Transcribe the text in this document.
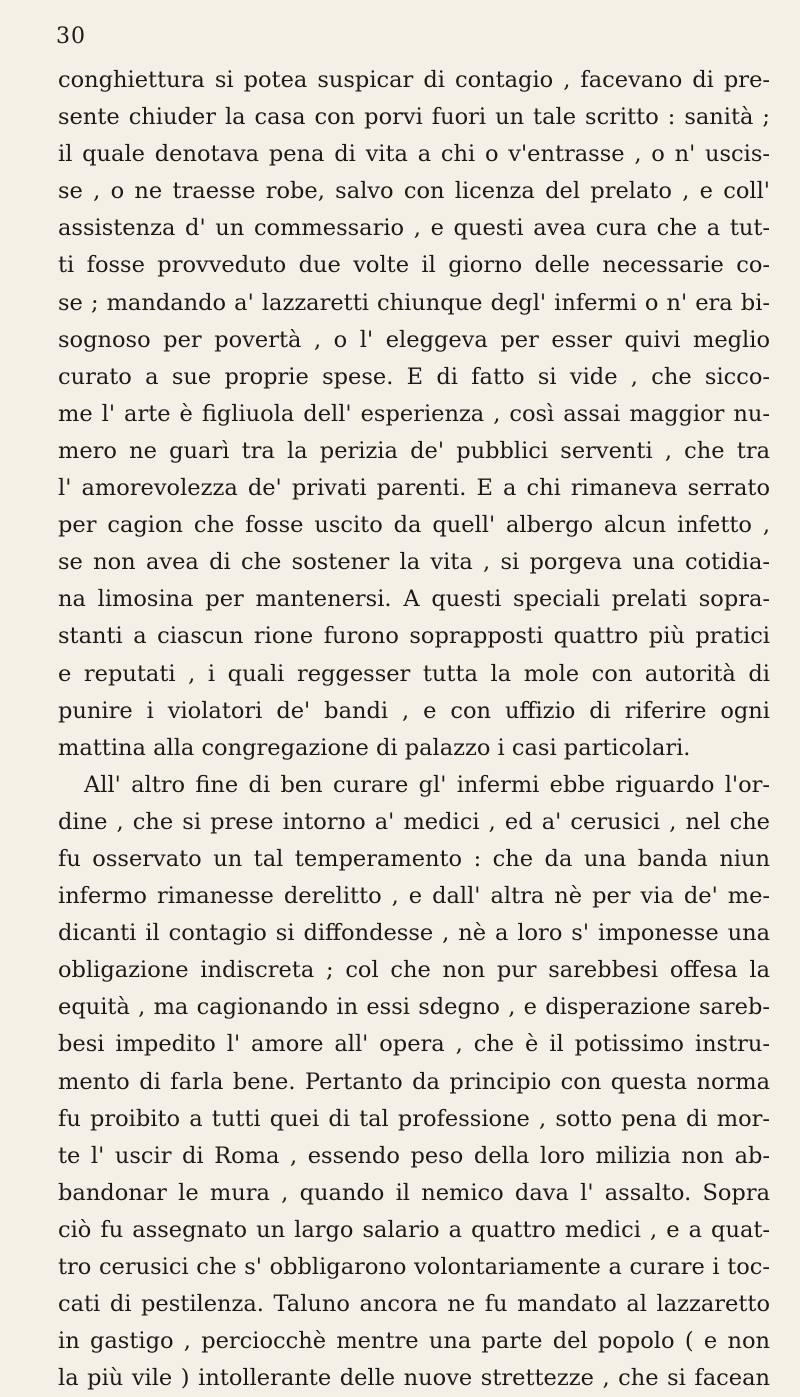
30
conghiettura si potea suspicar di contagio , facevano di pre-
sente chiuder la casa con porvi fuori un tale scritto : sanità ;
il quale denotava pena di vita a chi o v'entrasse , o n' uscis-
se , o ne traesse robe, salvo con licenza del prelato , e coll'
assistenza d' un commessario , e questi avea cura che a tut-
ti fosse provveduto due volte il giorno delle necessarie co-
se ; mandando a' lazzaretti chiunque degl' infermi o n' era bi-
sognoso per povertà , o l' eleggeva per esser quivi meglio
curato a sue proprie spese. E di fatto si vide , che sicco-
me l' arte è figliuola dell' esperienza , così assai maggior nu-
mero ne guarì tra la perizia de' pubblici serventi , che tra
l' amorevolezza de' privati parenti. E a chi rimaneva serrato
per cagion che fosse uscito da quell' albergo alcun infetto ,
se non avea di che sostener la vita , si porgeva una cotidia-
na limosina per mantenersi. A questi speciali prelati sopra-
stanti a ciascun rione furono soprapposti quattro più pratici
e reputati , i quali reggesser tutta la mole con autorità di
punire i violatori de' bandi , e con uffizio di riferire ogni
mattina alla congregazione di palazzo i casi particolari.
All' altro fine di ben curare gl' infermi ebbe riguardo l'or-
dine , che si prese intorno a' medici , ed a' cerusici , nel che
fu osservato un tal temperamento : che da una banda niun
infermo rimanesse derelitto , e dall' altra nè per via de' me-
dicanti il contagio si diffondesse , nè a loro s' imponesse una
obligazione indiscreta ; col che non pur sarebbesi offesa la
equità , ma cagionando in essi sdegno , e disperazione sareb-
besi impedito l' amore all' opera , che è il potissimo instru-
mento di farla bene. Pertanto da principio con questa norma
fu proibito a tutti quei di tal professione , sotto pena di mor-
te l' uscir di Roma , essendo peso della loro milizia non ab-
bandonar le mura , quando il nemico dava l' assalto. Sopra
ciò fu assegnato un largo salario a quattro medici , e a quat-
tro cerusici che s' obbligarono volontariamente a curare i toc-
cati di pestilenza. Taluno ancora ne fu mandato al lazzaretto
in gastigo , perciocchè mentre una parte del popolo ( e non
la più vile ) intollerante delle nuove strettezze , che si facean
